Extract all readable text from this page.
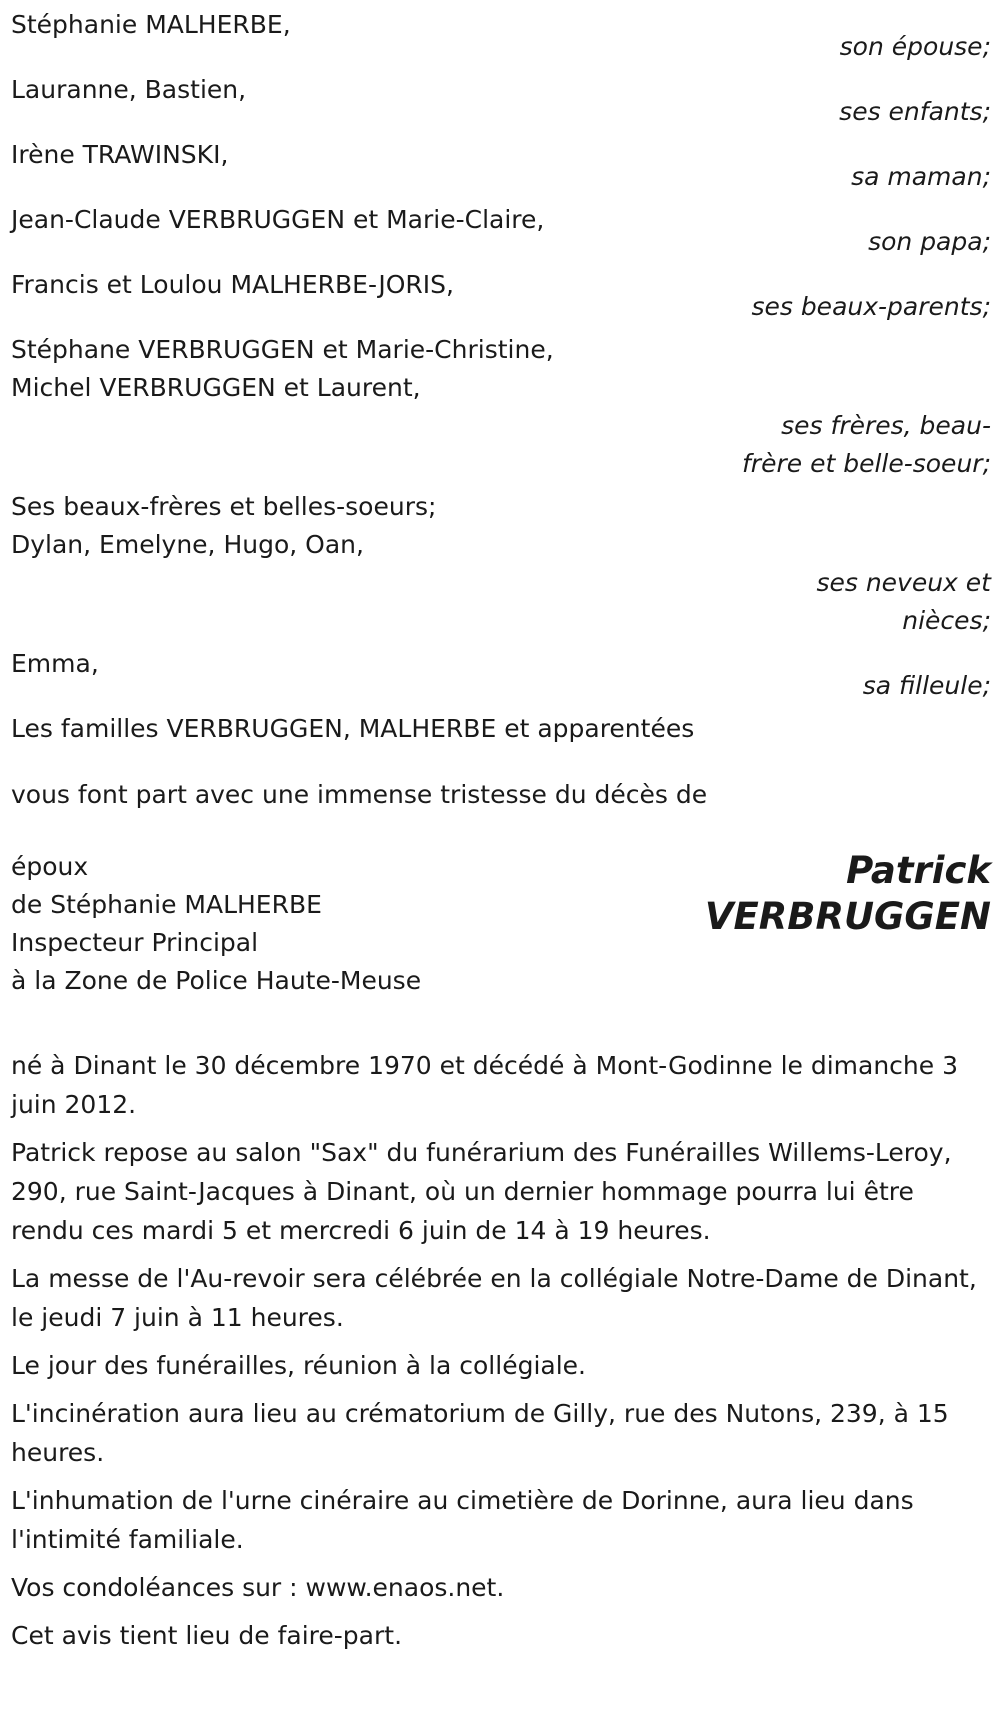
Stéphanie MALHERBE,
son épouse;
Lauranne, Bastien,
ses enfants;
Irène TRAWINSKI,
sa maman;
Jean-Claude VERBRUGGEN et Marie-Claire,
son papa;
Francis et Loulou MALHERBE-JORIS,
ses beaux-parents;
Stéphane VERBRUGGEN et Marie-Christine,
Michel VERBRUGGEN et Laurent,
ses frères, beau-frère et belle-soeur;
Ses beaux-frères et belles-soeurs;
Dylan, Emelyne, Hugo, Oan,
ses neveux et nièces;
Emma,
sa filleule;
Les familles VERBRUGGEN, MALHERBE et apparentées
vous font part avec une immense tristesse du décès de
époux
de Stéphanie MALHERBE
Inspecteur Principal
à la Zone de Police Haute-Meuse
Patrick
VERBRUGGEN

né à Dinant le 30 décembre 1970 et décédé à Mont-Godinne le dimanche 3 juin 2012.

Patrick repose au salon "Sax" du funérarium des Funérailles Willems-Leroy, 290, rue Saint-Jacques à Dinant, où un dernier hommage pourra lui être rendu ces mardi 5 et mercredi 6 juin de 14 à 19 heures.

La messe de l'Au-revoir sera célébrée en la collégiale Notre-Dame de Dinant, le jeudi 7 juin à 11 heures.

Le jour des funérailles, réunion à la collégiale.

L'incinération aura lieu au crématorium de Gilly, rue des Nutons, 239, à 15 heures.

L'inhumation de l'urne cinéraire au cimetière de Dorinne, aura lieu dans l'intimité familiale.

Vos condoléances sur : www.enaos.net.

Cet avis tient lieu de faire-part.
